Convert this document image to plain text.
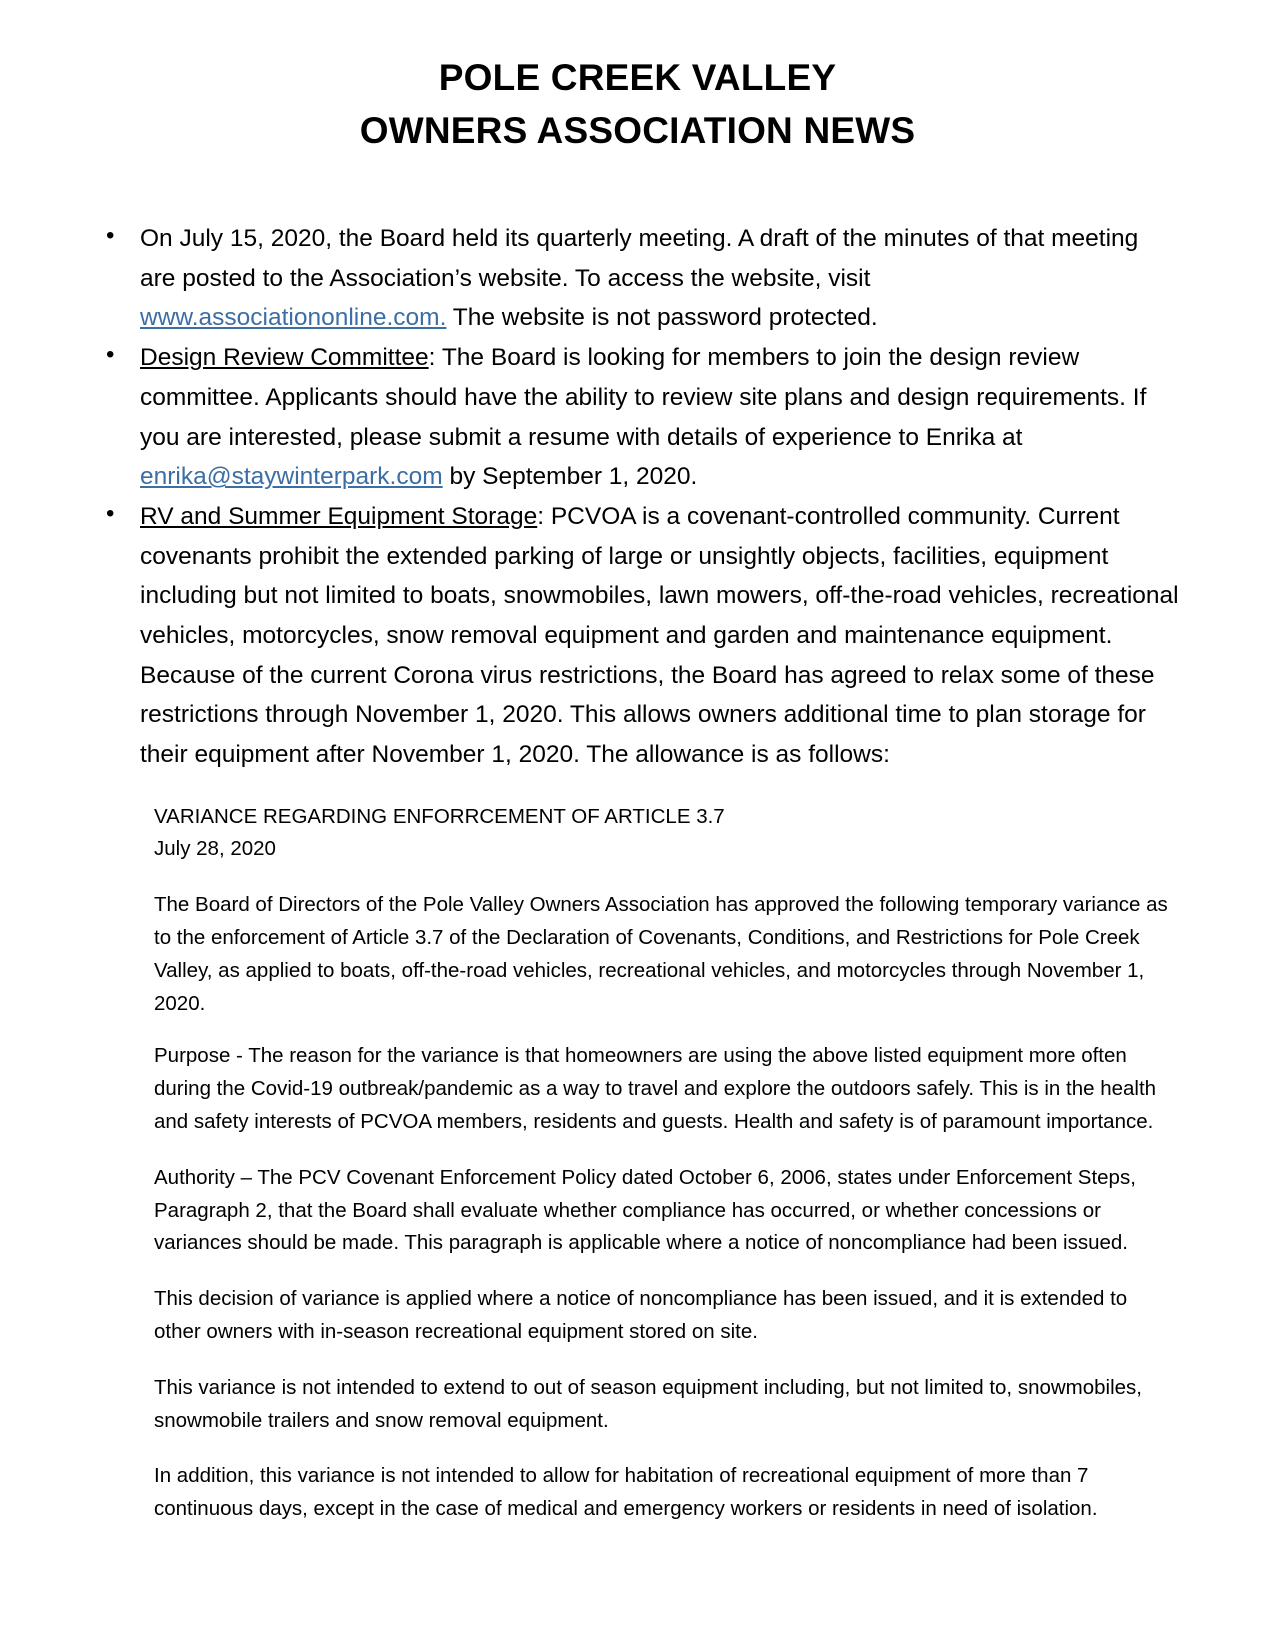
POLE CREEK VALLEY
OWNERS ASSOCIATION NEWS

• On July 15, 2020, the Board held its quarterly meeting. A draft of the minutes of that meeting are posted to the Association’s website. To access the website, visit www.associationonline.com. The website is not password protected.

• Design Review Committee: The Board is looking for members to join the design review committee. Applicants should have the ability to review site plans and design requirements. If you are interested, please submit a resume with details of experience to Enrika at enrika@staywinterpark.com by September 1, 2020.

• RV and Summer Equipment Storage: PCVOA is a covenant-controlled community. Current covenants prohibit the extended parking of large or unsightly objects, facilities, equipment including but not limited to boats, snowmobiles, lawn mowers, off-the-road vehicles, recreational vehicles, motorcycles, snow removal equipment and garden and maintenance equipment.

Because of the current Corona virus restrictions, the Board has agreed to relax some of these restrictions through November 1, 2020. This allows owners additional time to plan storage for their equipment after November 1, 2020. The allowance is as follows:

VARIANCE REGARDING ENFORRCEMENT OF ARTICLE 3.7

July 28, 2020

The Board of Directors of the Pole Valley Owners Association has approved the following temporary variance as to the enforcement of Article 3.7 of the Declaration of Covenants, Conditions, and Restrictions for Pole Creek Valley, as applied to boats, off-the-road vehicles, recreational vehicles, and motorcycles through November 1, 2020.

Purpose - The reason for the variance is that homeowners are using the above listed equipment more often during the Covid-19 outbreak/pandemic as a way to travel and explore the outdoors safely. This is in the health and safety interests of PCVOA members, residents and guests. Health and safety is of paramount importance.

Authority – The PCV Covenant Enforcement Policy dated October 6, 2006, states under Enforcement Steps, Paragraph 2, that the Board shall evaluate whether compliance has occurred, or whether concessions or variances should be made. This paragraph is applicable where a notice of noncompliance had been issued.

This decision of variance is applied where a notice of noncompliance has been issued, and it is extended to other owners with in-season recreational equipment stored on site.

This variance is not intended to extend to out of season equipment including, but not limited to, snowmobiles, snowmobile trailers and snow removal equipment.

In addition, this variance is not intended to allow for habitation of recreational equipment of more than 7 continuous days, except in the case of medical and emergency workers or residents in need of isolation.
